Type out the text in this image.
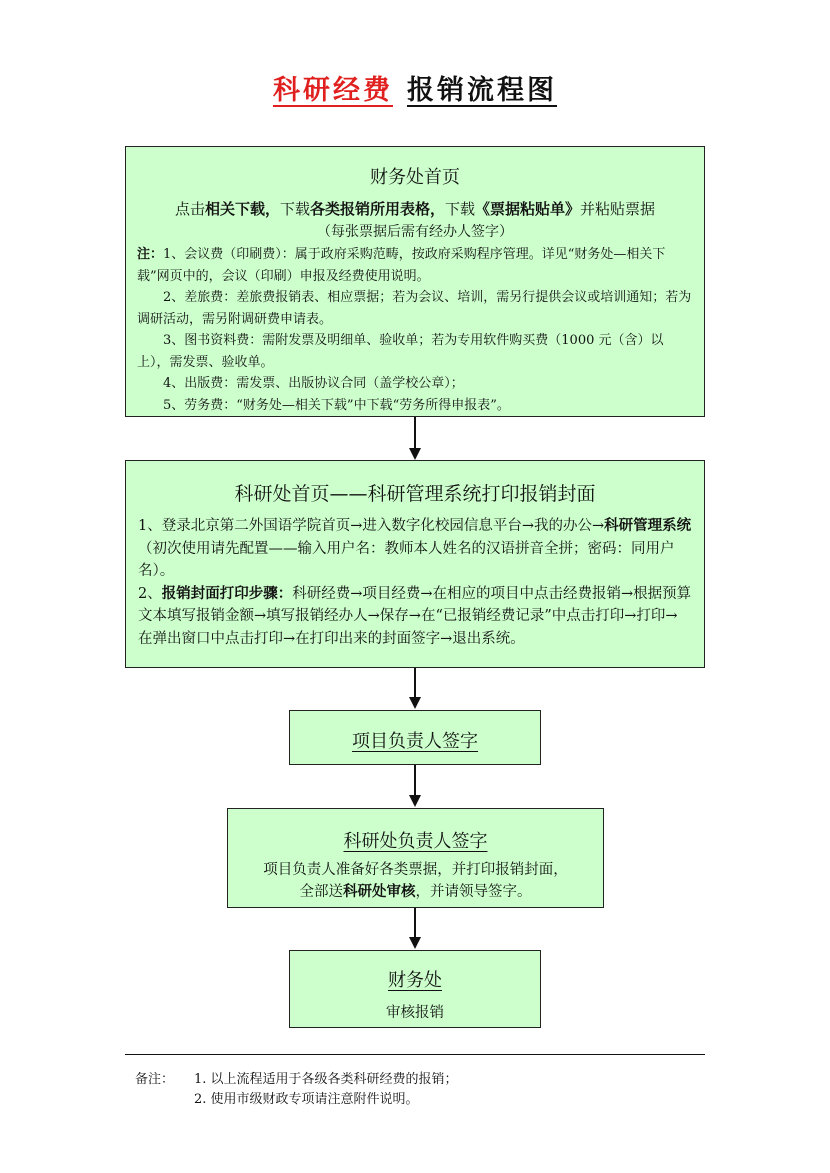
科研经费 报销流程图
财务处首页
点击相关下载，下载各类报销所用表格，下载《票据粘贴单》并粘贴票据
（每张票据后需有经办人签字）

注：1、会议费（印刷费）：属于政府采购范畴，按政府采购程序管理。详见“财务处—相关下载”网页中的，会议（印刷）申报及经费使用说明。

2、差旅费：差旅费报销表、相应票据；若为会议、培训，需另行提供会议或培训通知；若为调研活动，需另附调研费申请表。

3、图书资料费：需附发票及明细单、验收单；若为专用软件购买费（1000 元（含）以上），需发票、验收单。

4、出版费：需发票、出版协议合同（盖学校公章）；

5、劳务费：“财务处—相关下载”中下载“劳务所得申报表”。

科研处首页——科研管理系统打印报销封面

1、登录北京第二外国语学院首页→进入数字化校园信息平台→我的办公→科研管理系统（初次使用请先配置——输入用户名：教师本人姓名的汉语拼音全拼；密码：同用户名）。

2、报销封面打印步骤：科研经费→项目经费→在相应的项目中点击经费报销→根据预算文本填写报销金额→填写报销经办人→保存→在“已报销经费记录”中点击打印→打印→在弹出窗口中点击打印→在打印出来的封面签字→退出系统。

项目负责人签字
科研处负责人签字
项目负责人准备好各类票据，并打印报销封面，
全部送科研处审核，并请领导签字。
财务处
审核报销
备注： 1. 以上流程适用于各级各类科研经费的报销；
2. 使用市级财政专项请注意附件说明。
